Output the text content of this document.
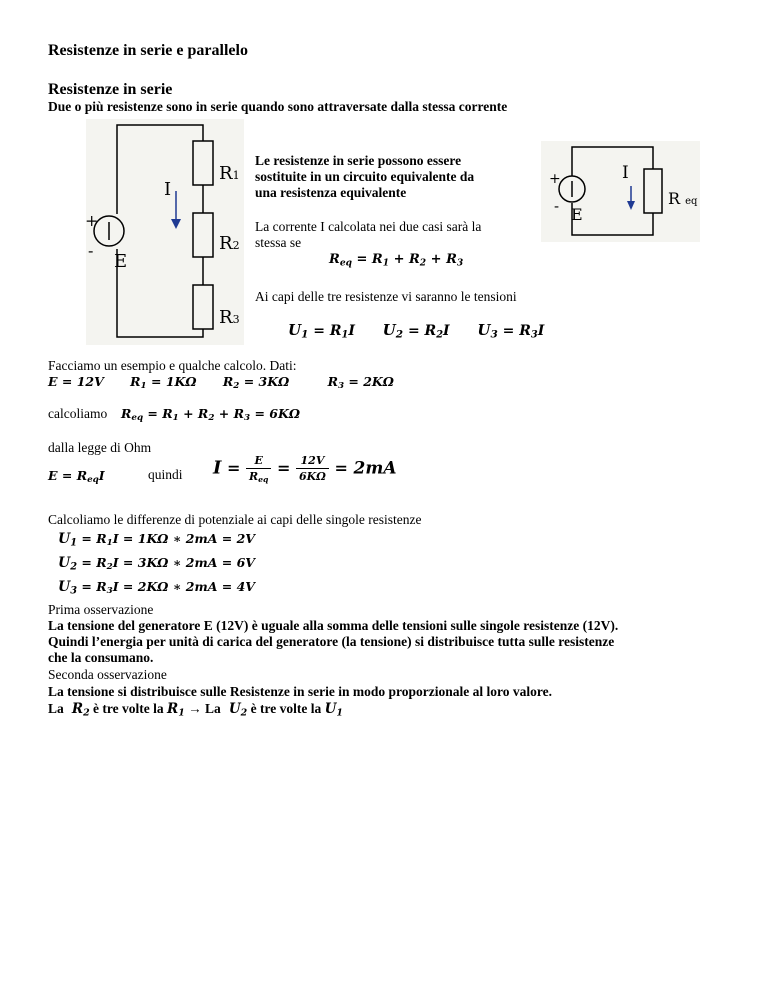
Resistenze in serie e parallelo
Resistenze in serie
Due o più resistenze sono in serie quando sono attraversate dalla stessa corrente
R1
R2
R3
I
E
+
-
Le resistenze in serie possono essere
sostituite in un circuito equivalente da
una resistenza equivalente
La corrente I calcolata nei due casi sarà la
stessa se
$R_{eq} = R_1 + R_2 + R_3$
Ai capi delle tre resistenze vi saranno le tensioni
$U_1 = R_1I$  $U_2 = R_2I$  $U_3 = R_3I$
R eq
I
E
+
-
Facciamo un esempio e qualche calcolo. Dati:
E = 12V $R_1 = 1K\Omega$ $R_2 = 3K\Omega$	$R_3 = 2K\Omega$
calcoliamo $R_{eq} = R_1 + R_2 + R_3 = 6K\Omega$
dalla legge di Ohm
$E = R_{eq}I$	quindi $I = \frac{E}{R_{eq}} = \frac{12V}{6K\Omega} = 2mA$
Calcoliamo le differenze di potenziale ai capi delle singole resistenze
$U_1 = R_1I = 1K\Omega$ ∗ 2mA = 2V
$U_2 = R_2I = 3K\Omega$ ∗ 2mA = 6V
$U_3 = R_3I = 2K\Omega$ ∗ 2mA = 4V
Prima osservazione
La tensione del generatore E (12V) è uguale alla somma delle tensioni sulle singole resistenze (12V).
Quindi l’energia per unità di carica del generatore (la tensione) si distribuisce tutta sulle resistenze
che la consumano.
Seconda osservazione
La tensione si distribuisce sulle Resistenze in serie in modo proporzionale al loro valore.
La  $R_2$ è tre volte la $R_1 \to La$  $U_2$ è tre volte la $U_1$
